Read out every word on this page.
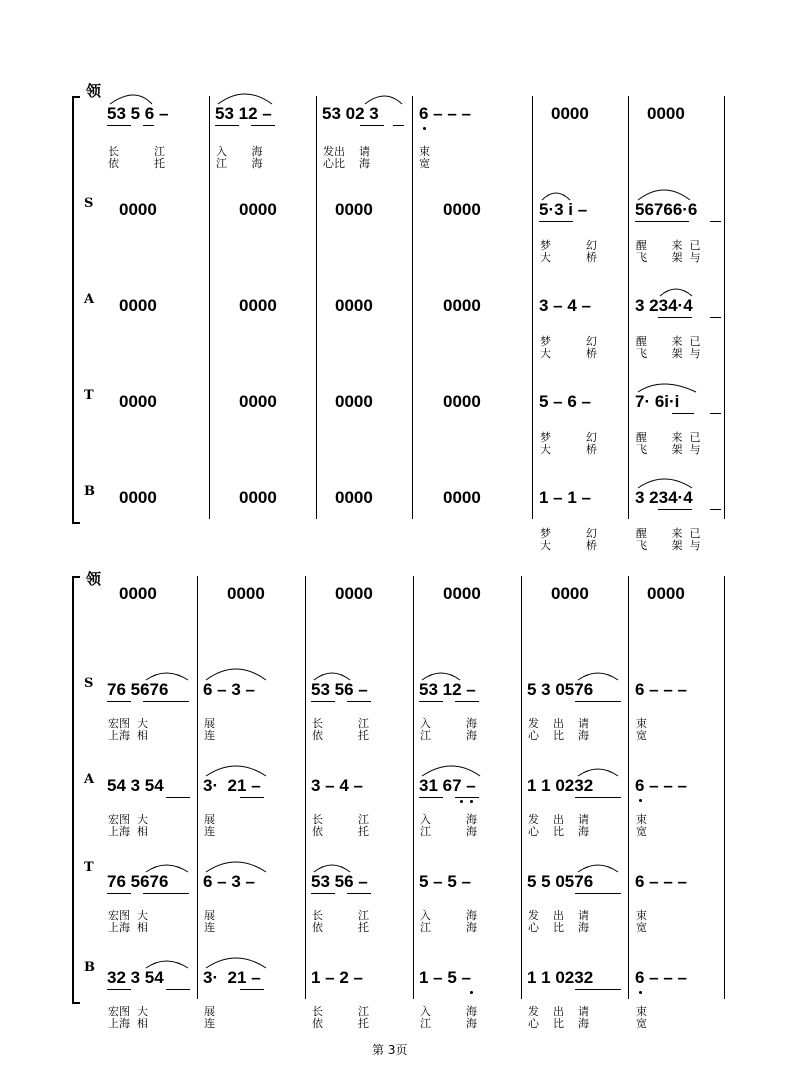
领
S
A
T
B
53 5 6 –	53 12 –	53 02 3 6 – – –	0000	0000
长          江
依          托
入       海
江       海
发出    请
心比    海
束
宽
0000	0000	0000	0000	5·3 i –	56766·6
梦          幻
大          桥
醒       来  已
飞       架  与
0000	0000	0000	0000	3 – 4 –	3 234·4
梦          幻
大          桥
醒       来  已
飞       架  与
0000	0000	0000	0000	5 – 6 –	7· 6i·i
梦          幻
大          桥
醒       来  已
飞       架  与
0000	0000	0000	0000	1 – 1 –	3 234·4
梦          幻
大          桥
醒       来  已
飞       架  与
领
S
A
T
B
0000	0000	0000	0000	0000	0000
76 5676 6 – 3 –	53 56 –	53 12 –	5 3 0576 6 – – –
宏图  大
上海  相
展
连
长          江
依          托
入          海
江          海
发    出    请
心    比    海
束
宽
54 3 54 3·  21 –	3 – 4 –	31 67 –	1 1 0232 6 – – –
宏图  大
上海  相
展
连
长          江
依          托
入          海
江          海
发    出    请
心    比    海
束
宽
76 5676 6 – 3 –	53 56 –	5 – 5 –	5 5 0576 6 – – –
宏图  大
上海  相
展
连
长          江
依          托
入          海
江          海
发    出    请
心    比    海
束
宽
32 3 54 3·  21 –	1 – 2 –	1 – 5 –	1 1 0232 6 – – –
宏图  大
上海  相
展
连
长          江
依          托
入          海
江          海
发    出    请
心    比    海
束
宽
第 3页
